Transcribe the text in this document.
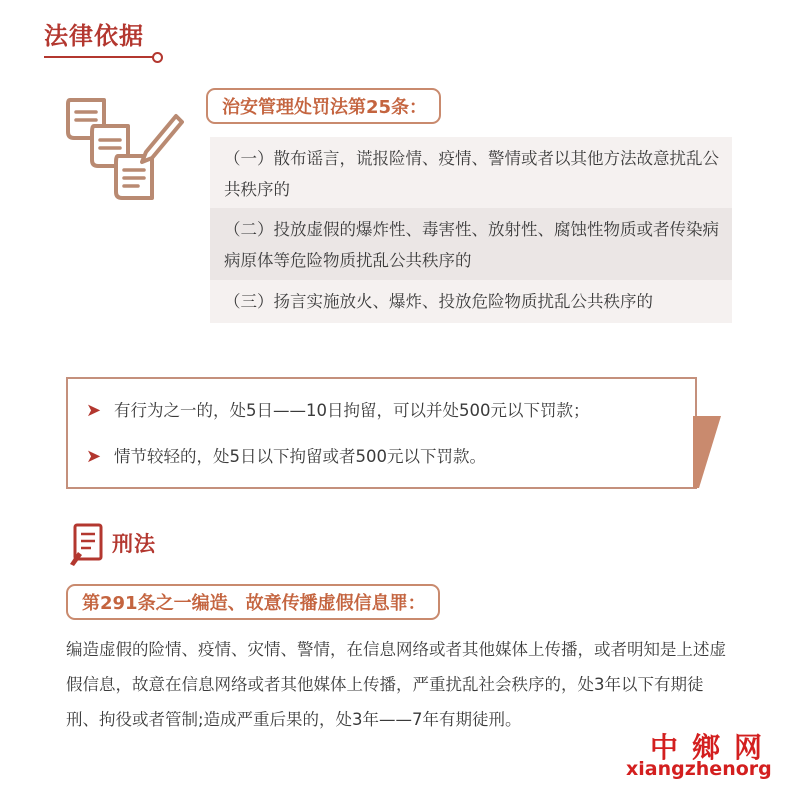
法律依据
治安管理处罚法第25条：
（一）散布谣言，谎报险情、疫情、警情或者以其他方法故意扰乱公共秩序的
（二）投放虚假的爆炸性、毒害性、放射性、腐蚀性物质或者传染病病原体等危险物质扰乱公共秩序的
（三）扬言实施放火、爆炸、投放危险物质扰乱公共秩序的
➤ 有行为之一的，处5日——10日拘留，可以并处500元以下罚款；
➤ 情节较轻的，处5日以下拘留或者500元以下罚款。
刑法
第291条之一编造、故意传播虚假信息罪：
编造虚假的险情、疫情、灾情、警情，在信息网络或者其他媒体上传播，或者明知是上述虚假信息，故意在信息网络或者其他媒体上传播，严重扰乱社会秩序的，处3年以下有期徒刑、拘役或者管制;造成严重后果的，处3年——7年有期徒刑。
中鄉网
xiangzhenorg
